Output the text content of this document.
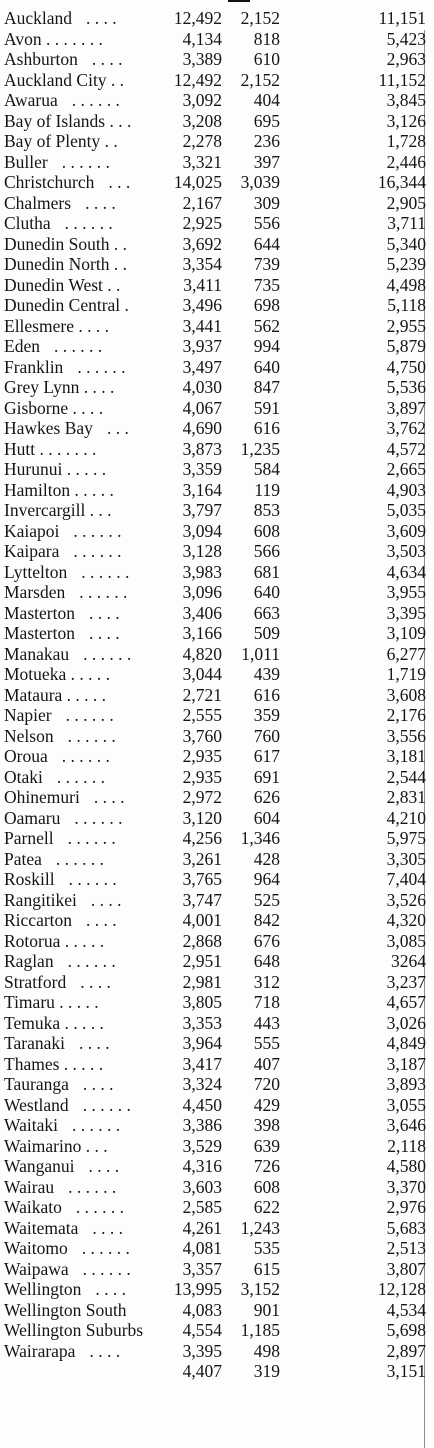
Auckland . . . .	12,492 2,152	11,151
Avon . . . . . . .	4,134 818	5,423
Ashburton . . . .	3,389 610	2,963
Auckland City . .	12,492 2,152	11,152
Awarua . . . . . .	3,092 404	3,845
Bay of Islands . . .	3,208 695	3,126
Bay of Plenty . .	2,278 236	1,728
Buller . . . . . .	3,321 397	2,446
Christchurch . . . 14,025 3,039	16,344
Chalmers . . . .	2,167 309	2,905
Clutha . . . . . .	2,925 556	3,711
Dunedin South . .	3,692 644	5,340
Dunedin North . .	3,354 739	5,239
Dunedin West . .	3,411 735	4,498
Dunedin Central .	3,496 698	5,118
Ellesmere . . . .	3,441 562	2,955
Eden . . . . . .	3,937 994	5,879
Franklin . . . . . .	3,497 640	4,750
Grey Lynn . . . .	4,030 847	5,536
Gisborne . . . .	4,067 591	3,897
Hawkes Bay . . .	4,690 616	3,762
Hutt . . . . . . .	3,873 1,235	4,572
Hurunui . . . . .	3,359 584	2,665
Hamilton . . . . .	3,164 119	4,903
Invercargill . . .	3,797 853	5,035
Kaiapoi . . . . . .	3,094 608	3,609
Kaipara . . . . . .	3,128 566	3,503
Lyttelton . . . . . .	3,983 681	4,634
Marsden . . . . . .	3,096 640	3,955
Masterton . . . .	3,406 663	3,395
Masterton . . . .	3,166 509	3,109
Manakau . . . . . .	4,820 1,011	6,277
Motueka . . . . .	3,044 439	1,719
Mataura . . . . .	2,721 616	3,608
Napier . . . . . .	2,555 359	2,176
Nelson . . . . . .	3,760 760	3,556
Oroua . . . . . .	2,935 617	3,181
Otaki . . . . . .	2,935 691	2,544
Ohinemuri . . . .	2,972 626	2,831
Oamaru . . . . . .	3,120 604	4,210
Parnell . . . . . .	4,256 1,346	5,975
Patea . . . . . .	3,261 428	3,305
Roskill . . . . . .	3,765 964	7,404
Rangitikei . . . .	3,747 525	3,526
Riccarton . . . .	4,001 842	4,320
Rotorua . . . . .	2,868 676	3,085
Raglan . . . . . .	2,951 648	3264
Stratford . . . .	2,981 312	3,237
Timaru . . . . .	3,805 718	4,657
Temuka . . . . .	3,353 443	3,026
Taranaki . . . .	3,964 555	4,849
Thames . . . . .	3,417 407	3,187
Tauranga . . . .	3,324 720	3,893
Westland . . . . . .	4,450 429	3,055
Waitaki . . . . . .	3,386 398	3,646
Waimarino . . .	3,529 639	2,118
Wanganui . . . .	4,316 726	4,580
Wairau . . . . . .	3,603 608	3,370
Waikato . . . . . .	2,585 622	2,976
Waitemata . . . .	4,261 1,243	5,683
Waitomo . . . . . .	4,081 535	2,513
Waipawa . . . . . .	3,357 615	3,807
Wellington . . . .	13,995 3,152	12,128
Wellington South	4,083 901	4,534
Wellington Suburbs 4,554 1,185	5,698
Wairarapa . . . .	3,395 498	2,897
4,407 319	3,151
